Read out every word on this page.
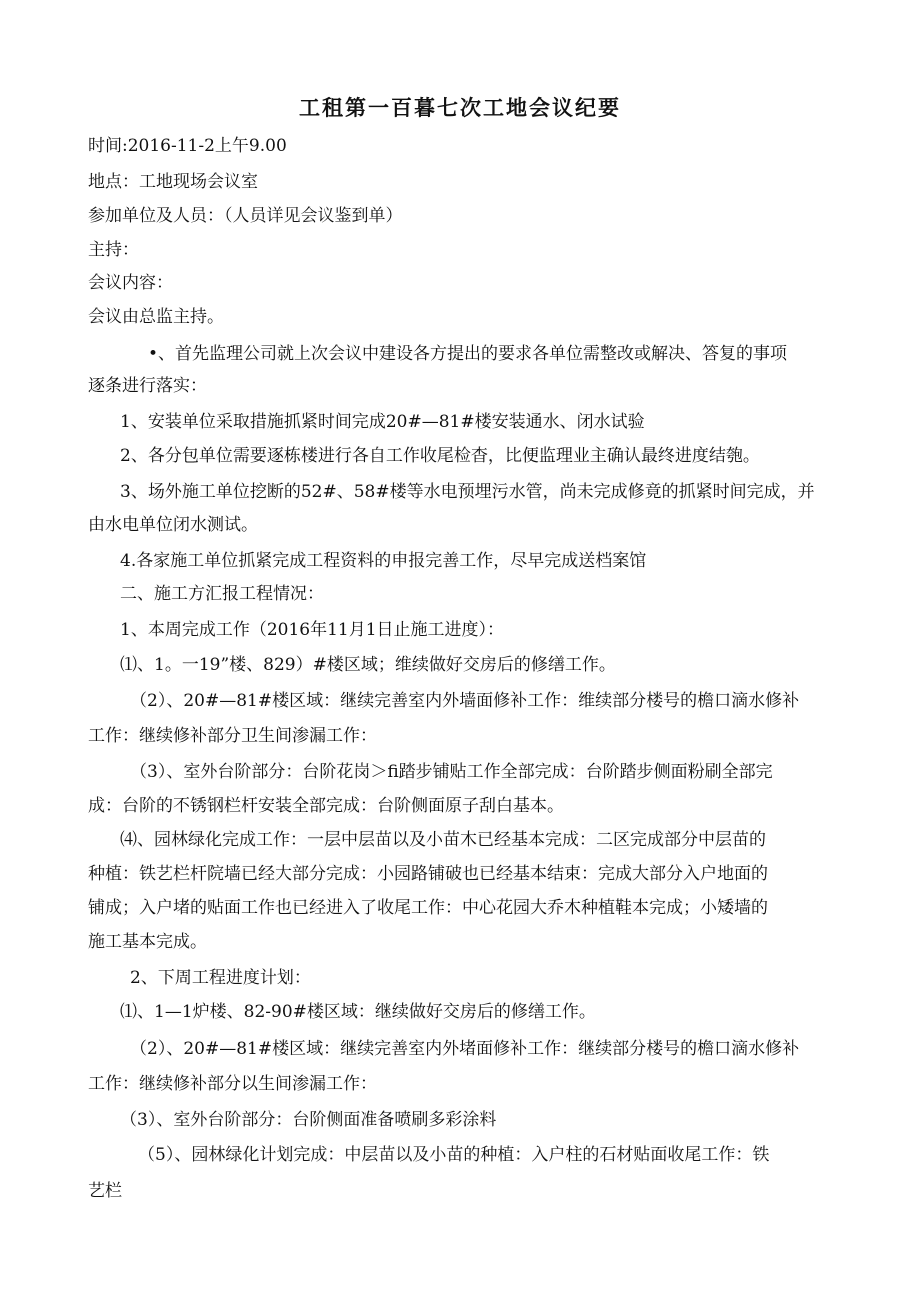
工租第一百暮七次工地会议纪要
时间:2016-11-2上午9.00
地点：工地现场会议室
参加单位及人员：（人员详见会议鉴到单）
主持：
会议内容：
会议由总监主持。
•、首先监理公司就上次会议中建设各方提出的要求各单位需整改或解决、答复的事项
逐条进行落实：
1、安装单位采取措施抓紧时间完成20#—81#楼安装通水、闭水试验
2、各分包单位需要逐栋楼进行各自工作收尾检杳，比便监理业主确认最终进度结匏。
3、场外施工单位挖断的52#、58#楼等水电预埋污水管，尚未完成修竟的抓紧时间完成，并
由水电单位闭水测试。
4.各家施工单位抓紧完成工程资料的申报完善工作，尽早完成送档案馆
二、施工方汇报工程情况：
1、本周完成工作（2016年11月1日止施工进度）：
⑴、1。一19”楼、829）#楼区域；维续做好交房后的修缮工作。
（2）、20#—81#楼区域：继续完善室内外墙面修补工作：维续部分楼号的檐口滴水修补
工作：继续修补部分卫生间渗漏工作：
（3）、室外台阶部分：台阶花岗＞fi踏步铺贴工作全部完成：台阶踏步侧面粉刷全部完
成：台阶的不锈钢栏杆安装全部完成：台阶侧面原子刮白基本。
⑷、园林绿化完成工作：一层中层苗以及小苗木已经基本完成：二区完成部分中层苗的
种植：铁艺栏杆院墙已经大部分完成：小园路铺破也已经基本结束：完成大部分入户地面的
铺成；入户堵的贴面工作也已经进入了收尾工作：中心花园大乔木种植鞋本完成；小矮墙的
施工基本完成。
2、下周工程进度计划：
⑴、1—1炉楼、82-90#楼区域：继续做好交房后的修缮工作。
（2）、20#—81#楼区域：继续完善室内外堵面修补工作：继续部分楼号的檐口滴水修补
工作：继续修补部分以生间渗漏工作：
（3）、室外台阶部分：台阶侧面准备喷刷多彩涂料
（5）、园林绿化计划完成：中层苗以及小苗的种植：入户柱的石材贴面收尾工作：铁
艺栏
